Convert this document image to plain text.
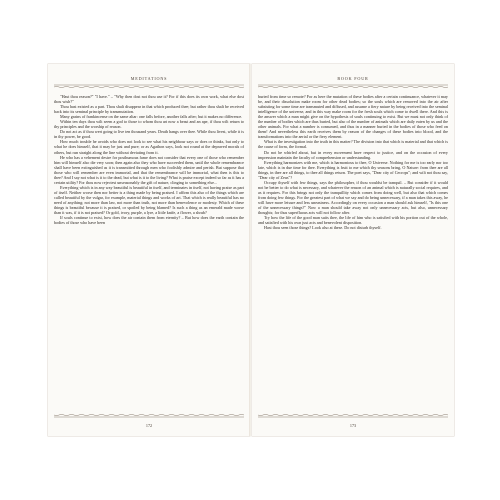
MEDITATIONS

"Hast thou reason?" "I have." – "Why then dost not thou use it? For if this does its own work, what else dost thou wish?"

Thou hast existed as a part. Thou shalt disappear in that which produced thee; but rather thou shalt be received back into its seminal principle by transmutation.

Many grains of frankincense on the same altar: one falls before, another falls after; but it makes no difference.

Within ten days thou wilt seem a god to those to whom thou art now a beast and an ape, if thou wilt return to thy principles and the worship of reason.

Do not act as if thou wert going to live ten thousand years. Death hangs over thee. While thou livest, while it is in thy power, be good.

How much trouble he avoids who does not look to see what his neighbour says or does or thinks, but only to what he does himself, that it may be just and pure; or as Agathon says, look not round at the depraved morals of others, but run straight along the line without deviating from it.

He who has a vehement desire for posthumous fame does not consider that every one of those who remember him will himself also die very soon; then again also they who have succeeded them, until the whole remembrance shall have been extinguished as it is transmitted through men who foolishly admire and perish. But suppose that those who will remember are even immortal, and that the remembrance will be immortal, what then is this to thee? And I say not what is it to the dead, but what is it to the living? What is praise except indeed so far as it has a certain utility? For thou now rejectest unseasonably the gift of nature, clinging to something else...

Everything which is in any way beautiful is beautiful in itself, and terminates in itself, not having praise as part of itself. Neither worse then nor better is a thing made by being praised. I affirm this also of the things which are called beautiful by the vulgar, for example, material things and works of art. That which is really beautiful has no need of anything; not more than law, not more than truth, not more than benevolence or modesty. Which of these things is beautiful because it is praised, or spoiled by being blamed? Is such a thing as an emerald made worse than it was, if it is not praised? Or gold, ivory, purple, a lyre, a little knife, a flower, a shrub?

If souls continue to exist, how does the air contain them from eternity? – But how does the earth contain the bodies of those who have been

172
BOOK FOUR

buried from time so remote? For as here the mutation of these bodies after a certain continuance, whatever it may be, and their dissolution make room for other dead bodies; so the souls which are removed into the air after subsisting for some time are transmuted and diffused, and assume a fiery nature by being received into the seminal intelligence of the universe, and in this way make room for the fresh souls which come to dwell there. And this is the answer which a man might give on the hypothesis of souls continuing to exist. But we must not only think of the number of bodies which are thus buried, but also of the number of animals which are daily eaten by us and the other animals. For what a number is consumed, and thus in a manner buried in the bodies of those who feed on them! And nevertheless this earth receives them by reason of the changes of these bodies into blood, and the transformations into the aerial or the fiery element.

What is the investigation into the truth in this matter? The division into that which is material and that which is the cause of form, the formal.

Do not be whirled about, but in every movement have respect to justice, and on the occasion of every impression maintain the faculty of comprehension or understanding.

Everything harmonizes with me, which is harmonious to thee, O Universe. Nothing for me is too early nor too late, which is in due time for thee. Everything is fruit to me which thy seasons bring, O Nature: from thee are all things, in thee are all things, to thee all things return. The poet says, "Dear city of Cecrops"; and wilt not thou say, "Dear city of Zeus"?

Occupy thyself with few things, says the philosopher, if thou wouldst be tranquil. – But consider if it would not be better to do what is necessary, and whatever the reason of an animal which is naturally social requires, and as it requires. For this brings not only the tranquillity which comes from doing well, but also that which comes from doing few things. For the greatest part of what we say and do being unnecessary, if a man takes this away, he will have more leisure and less uneasiness. Accordingly on every occasion a man should ask himself, "Is this one of the unnecessary things?" Now a man should take away not only unnecessary acts, but also, unnecessary thoughts; for thus superfluous acts will not follow after.

Try how the life of the good man suits thee, the life of him who is satisfied with his portion out of the whole, and satisfied with his own just acts and benevolent disposition.

Hast thou seen those things? Look also at these. Do not disturb thyself.

173
